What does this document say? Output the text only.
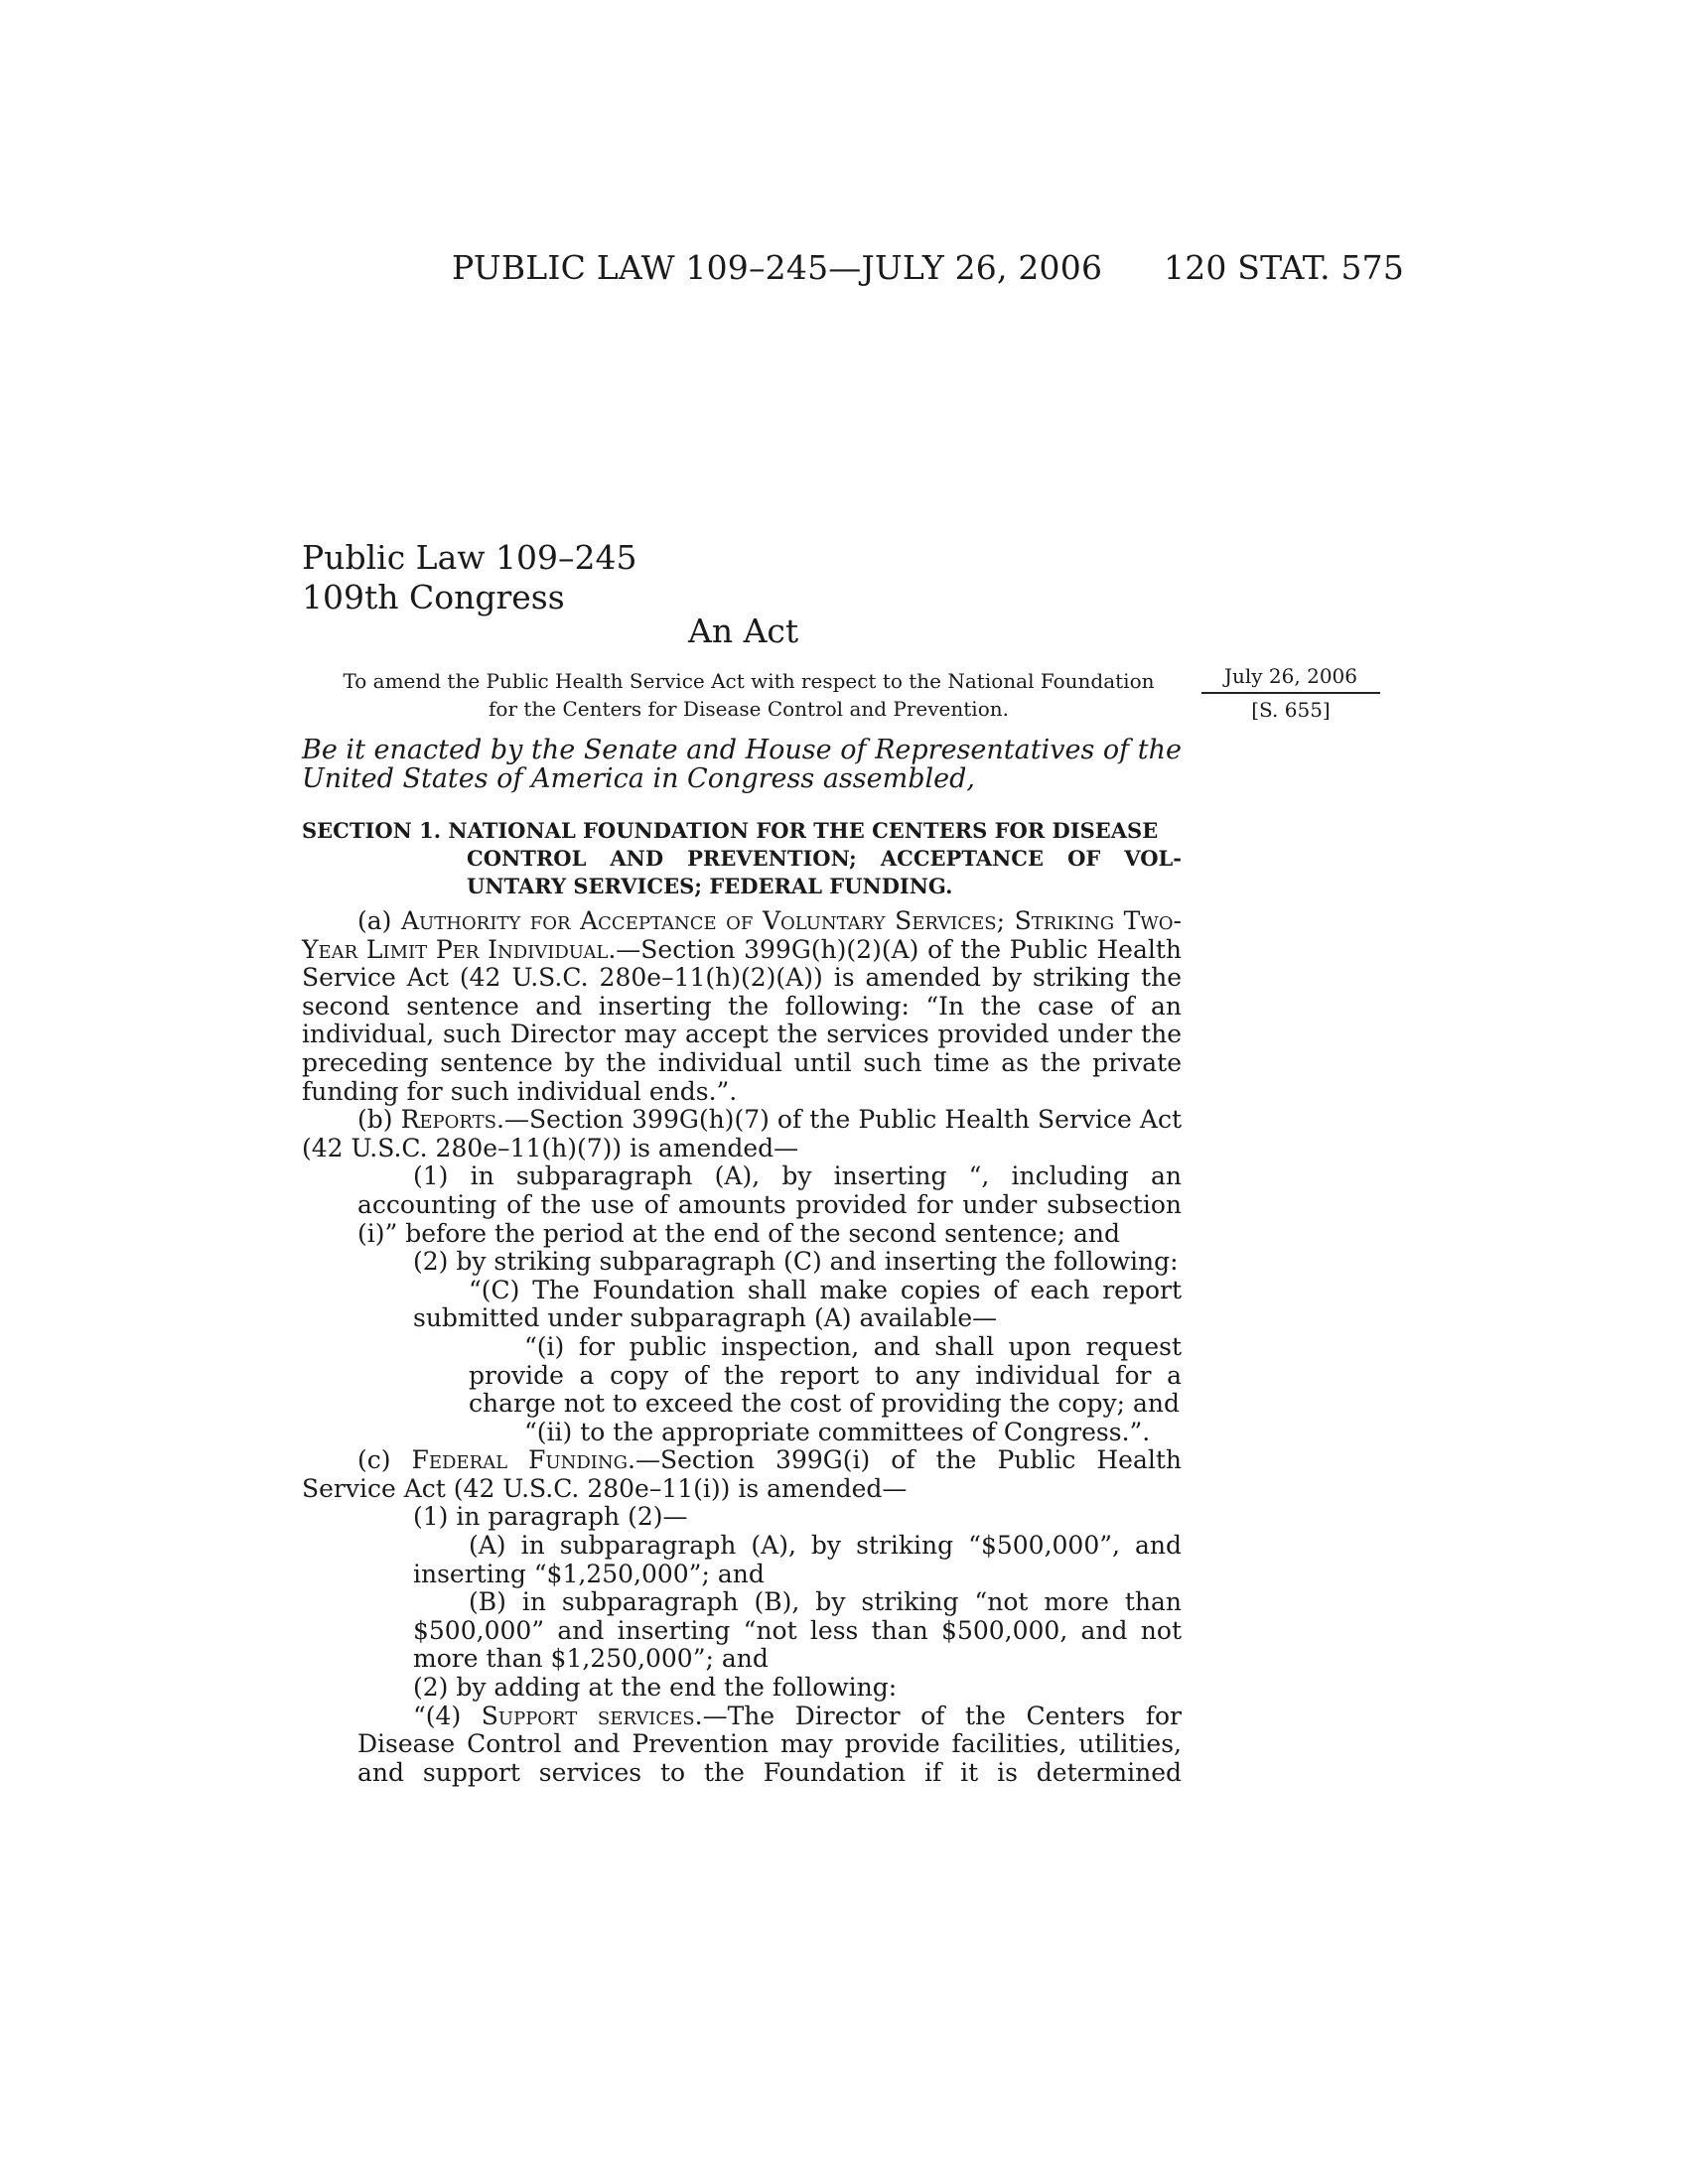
PUBLIC LAW 109–245—JULY 26, 2006 120 STAT. 575
Public Law 109–245
109th Congress
An Act
To amend the Public Health Service Act with respect to the National Foundation
for the Centers for Disease Control and Prevention.
July 26, 2006
[S. 655]

Be it enacted by the Senate and House of Representatives of the United States of America in Congress assembled,

SECTION 1. NATIONAL FOUNDATION FOR THE CENTERS FOR DISEASE
CONTROL AND PREVENTION; ACCEPTANCE OF VOL-UNTARY SERVICES; FEDERAL FUNDING.

(a) Authority for Acceptance of Voluntary Services; Striking Two-Year Limit Per Individual.—Section 399G(h)(2)(A) of the Public Health Service Act (42 U.S.C. 280e–11(h)(2)(A)) is amended by striking the second sentence and inserting the following: “In the case of an individual, such Director may accept the services provided under the preceding sentence by the individual until such time as the private funding for such individual ends.”.

(b) Reports.—Section 399G(h)(7) of the Public Health Service Act (42 U.S.C. 280e–11(h)(7)) is amended—

(1) in subparagraph (A), by inserting “, including an accounting of the use of amounts provided for under subsection (i)” before the period at the end of the second sentence; and

(2) by striking subparagraph (C) and inserting the following:

“(C) The Foundation shall make copies of each report submitted under subparagraph (A) available—

“(i) for public inspection, and shall upon request provide a copy of the report to any individual for a charge not to exceed the cost of providing the copy; and

“(ii) to the appropriate committees of Congress.”.

(c) Federal Funding.—Section 399G(i) of the Public Health Service Act (42 U.S.C. 280e–11(i)) is amended—

(1) in paragraph (2)—

(A) in subparagraph (A), by striking “$500,000”, and inserting “$1,250,000”; and

(B) in subparagraph (B), by striking “not more than $500,000” and inserting “not less than $500,000, and not more than $1,250,000”; and

(2) by adding at the end the following:

“(4) Support services.—The Director of the Centers for Disease Control and Prevention may provide facilities, utilities, and support services to the Foundation if it is determined
